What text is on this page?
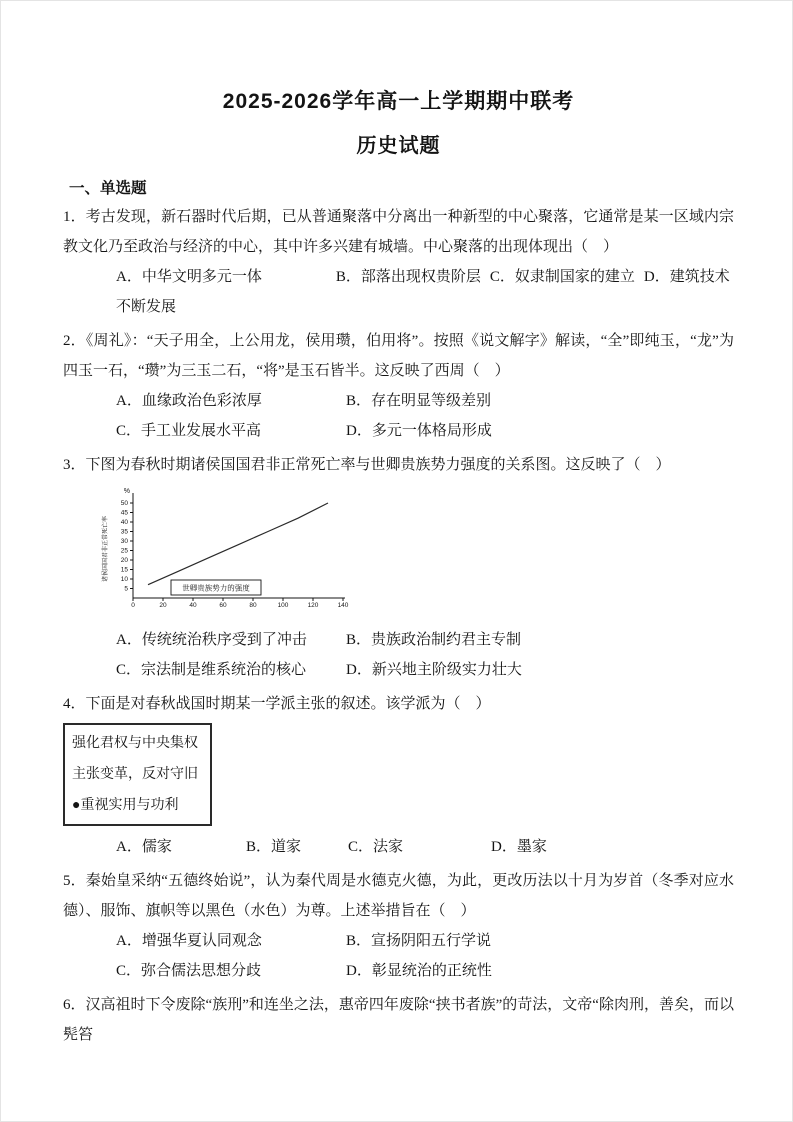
2025-2026学年高一上学期期中联考
历史试题
一、单选题

1．考古发现，新石器时代后期，已从普通聚落中分离出一种新型的中心聚落，它通常是某一区域内宗教文化乃至政治与经济的中心，其中许多兴建有城墙。中心聚落的出现体现出（　）

A．中华文明多元一体	B．部落出现权贵阶层 C．奴隶制国家的建立 D．建筑技术不断发展

2．《周礼》：“天子用全，上公用龙，侯用瓒，伯用将”。按照《说文解字》解读，“全”即纯玉，“龙”为四玉一石，“瓒”为三玉二石，“将”是玉石皆半。这反映了西周（　）

A．血缘政治色彩浓厚	B．存在明显等级差别
C．手工业发展水平高	D．多元一体格局形成

3．下图为春秋时期诸侯国国君非正常死亡率与世卿贵族势力强度的关系图。这反映了（　）

%
诸侯国国君非正常死亡率
5
10
15
20
25
30
35
40
45
50
0	20	40	60	80	100	120	140
世卿贵族势力的强度
A．传统统治秩序受到了冲击	B．贵族政治制约君主专制
C．宗法制是维系统治的核心	D．新兴地主阶级实力壮大

4．下面是对春秋战国时期某一学派主张的叙述。该学派为（　）

强化君权与中央集权
主张变革，反对守旧
●重视实用与功利
A．儒家	B．道家	C．法家	D．墨家

5．秦始皇采纳“五德终始说”，认为秦代周是水德克火德，为此，更改历法以十月为岁首（冬季对应水德）、服饰、旗帜等以黑色（水色）为尊。上述举措旨在（　）

A．增强华夏认同观念	B．宣扬阴阳五行学说
C．弥合儒法思想分歧	D．彰显统治的正统性

6．汉高祖时下令废除“族刑”和连坐之法，惠帝四年废除“挟书者族”的苛法，文帝“除肉刑，善矣，而以髡笞
